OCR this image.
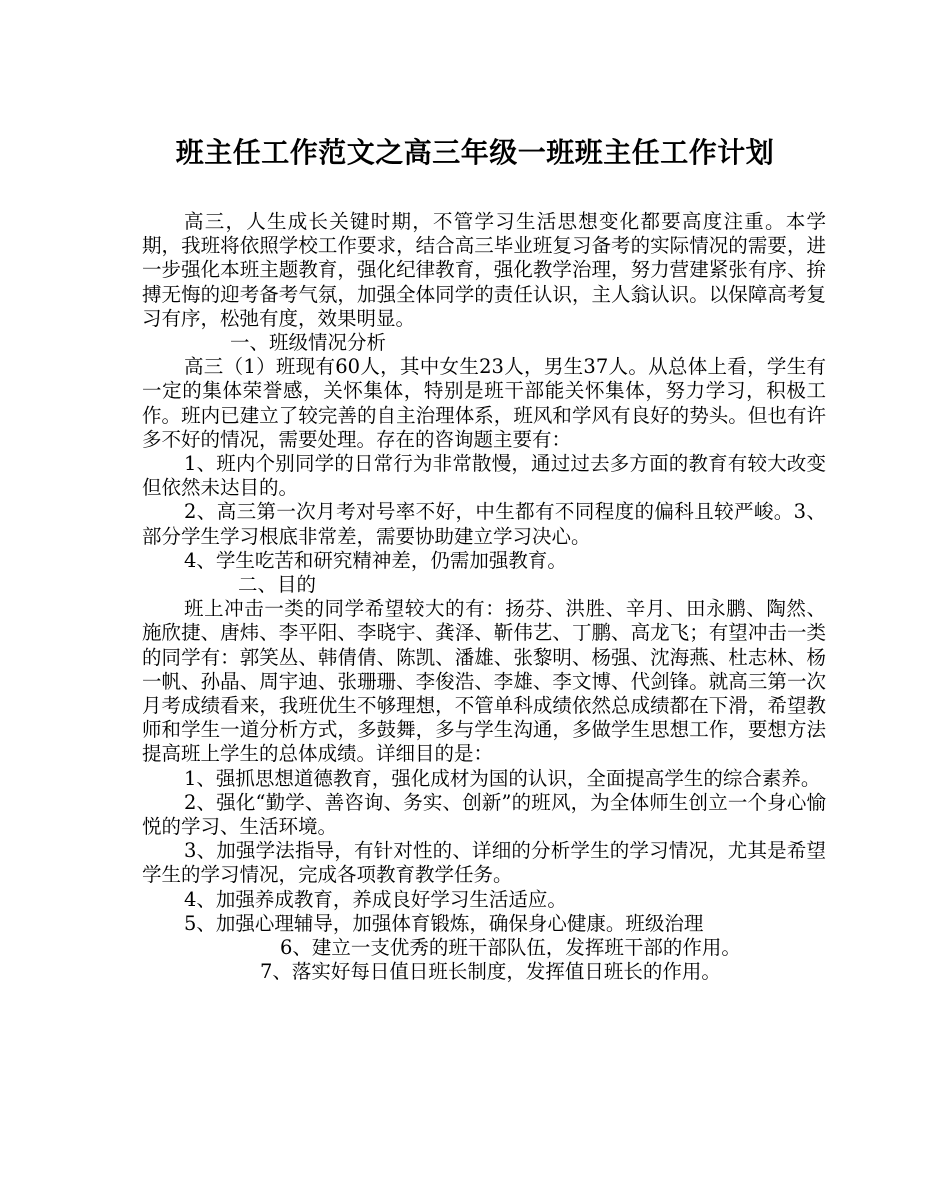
班主任工作范文之高三年级一班班主任工作计划

高三，人生成长关键时期，不管学习生活思想变化都要高度注重。本学期，我班将依照学校工作要求，结合高三毕业班复习备考的实际情况的需要，进一步强化本班主题教育，强化纪律教育，强化教学治理，努力营建紧张有序、拚搏无悔的迎考备考气氛，加强全体同学的责任认识，主人翁认识。以保障高考复习有序，松弛有度，效果明显。

一、班级情况分析

高三（1）班现有60人，其中女生23人，男生37人。从总体上看，学生有一定的集体荣誉感，关怀集体，特别是班干部能关怀集体，努力学习，积极工作。班内已建立了较完善的自主治理体系，班风和学风有良好的势头。但也有许多不好的情况，需要处理。存在的咨询题主要有：

1、班内个别同学的日常行为非常散慢，通过过去多方面的教育有较大改变但依然未达目的。

2、高三第一次月考对号率不好，中生都有不同程度的偏科且较严峻。3、部分学生学习根底非常差，需要协助建立学习决心。

4、学生吃苦和研究精神差，仍需加强教育。

二、目的

班上冲击一类的同学希望较大的有：扬芬、洪胜、辛月、田永鹏、陶然、施欣捷、唐炜、李平阳、李晓宇、龚泽、靳伟艺、丁鹏、高龙飞；有望冲击一类的同学有：郭笑丛、韩倩倩、陈凯、潘雄、张黎明、杨强、沈海燕、杜志林、杨一帆、孙晶、周宇迪、张珊珊、李俊浩、李雄、李文博、代剑锋。就高三第一次月考成绩看来，我班优生不够理想，不管单科成绩依然总成绩都在下滑，希望教师和学生一道分析方式，多鼓舞，多与学生沟通，多做学生思想工作，要想方法提高班上学生的总体成绩。详细目的是：

1、强抓思想道德教育，强化成材为国的认识，全面提高学生的综合素养。

2、强化“勤学、善咨询、务实、创新”的班风，为全体师生创立一个身心愉悦的学习、生活环境。

3、加强学法指导，有针对性的、详细的分析学生的学习情况，尤其是希望学生的学习情况，完成各项教育教学任务。

4、加强养成教育，养成良好学习生活适应。

5、加强心理辅导，加强体育锻炼，确保身心健康。班级治理

6、建立一支优秀的班干部队伍，发挥班干部的作用。

7、落实好每日值日班长制度，发挥值日班长的作用。
